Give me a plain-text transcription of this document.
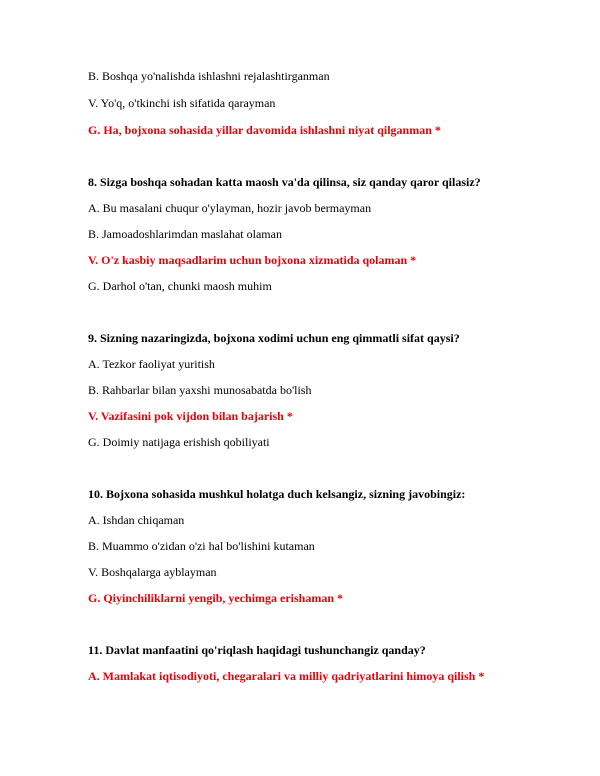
B. Boshqa yo'nalishda ishlashni rejalashtirganman
V. Yo'q, o'tkinchi ish sifatida qarayman
G. Ha, bojxona sohasida yillar davomida ishlashni niyat qilganman *
8. Sizga boshqa sohadan katta maosh va'da qilinsa, siz qanday qaror qilasiz?
A. Bu masalani chuqur o'ylayman, hozir javob bermayman
B. Jamoadoshlarimdan maslahat olaman
V. O'z kasbiy maqsadlarim uchun bojxona xizmatida qolaman *
G. Darhol o'tan, chunki maosh muhim
9. Sizning nazaringizda, bojxona xodimi uchun eng qimmatli sifat qaysi?
A. Tezkor faoliyat yuritish
B. Rahbarlar bilan yaxshi munosabatda bo'lish
V. Vazifasini pok vijdon bilan bajarish *
G. Doimiy natijaga erishish qobiliyati
10. Bojxona sohasida mushkul holatga duch kelsangiz, sizning javobingiz:
A. Ishdan chiqaman
B. Muammo o'zidan o'zi hal bo'lishini kutaman
V. Boshqalarga ayblayman
G. Qiyinchiliklarni yengib, yechimga erishaman *
11. Davlat manfaatini qo'riqlash haqidagi tushunchangiz qanday?
A. Mamlakat iqtisodiyoti, chegaralari va milliy qadriyatlarini himoya qilish *
